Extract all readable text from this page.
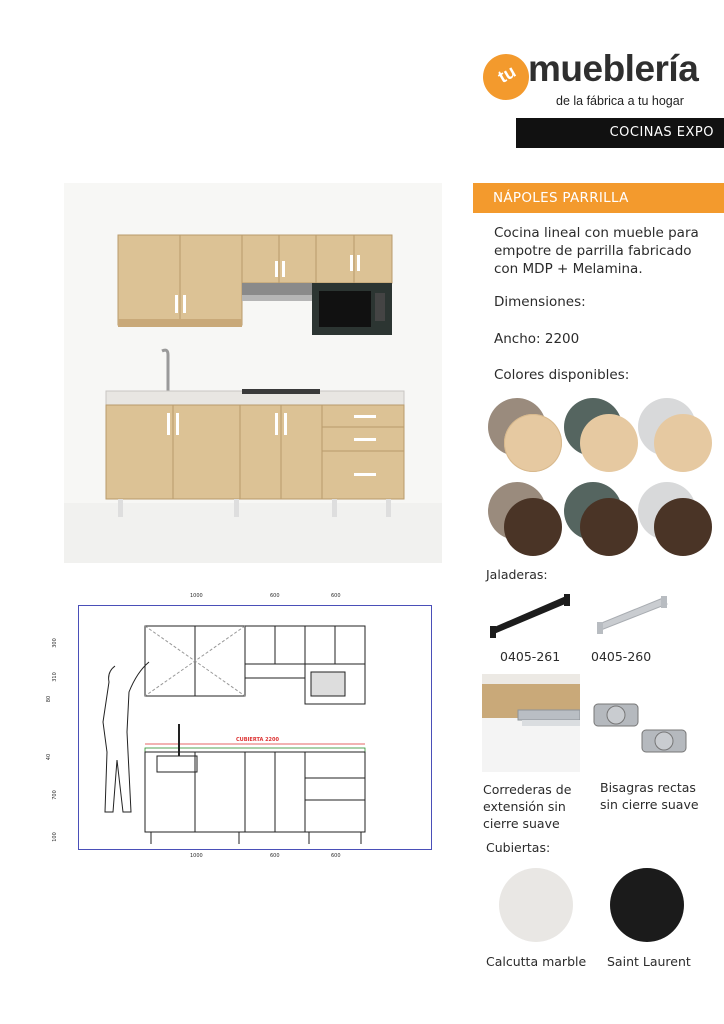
tu mueblería
de la fábrica a tu hogar
COCINAS EXPO
1000	600	600
1000	600	600
CUBIERTA 2200
300
310
80
40
700
100
NÁPOLES PARRILLA
Cocina lineal con mueble para empotre de parrilla fabricado con MDP + Melamina.
Dimensiones:
Ancho: 2200
Colores disponibles:
Jaladeras:
0405-261 0405-260
Correderas de extensión sin cierre suave
Bisagras rectas sin cierre suave
Cubiertas:
Calcutta marble Saint Laurent
